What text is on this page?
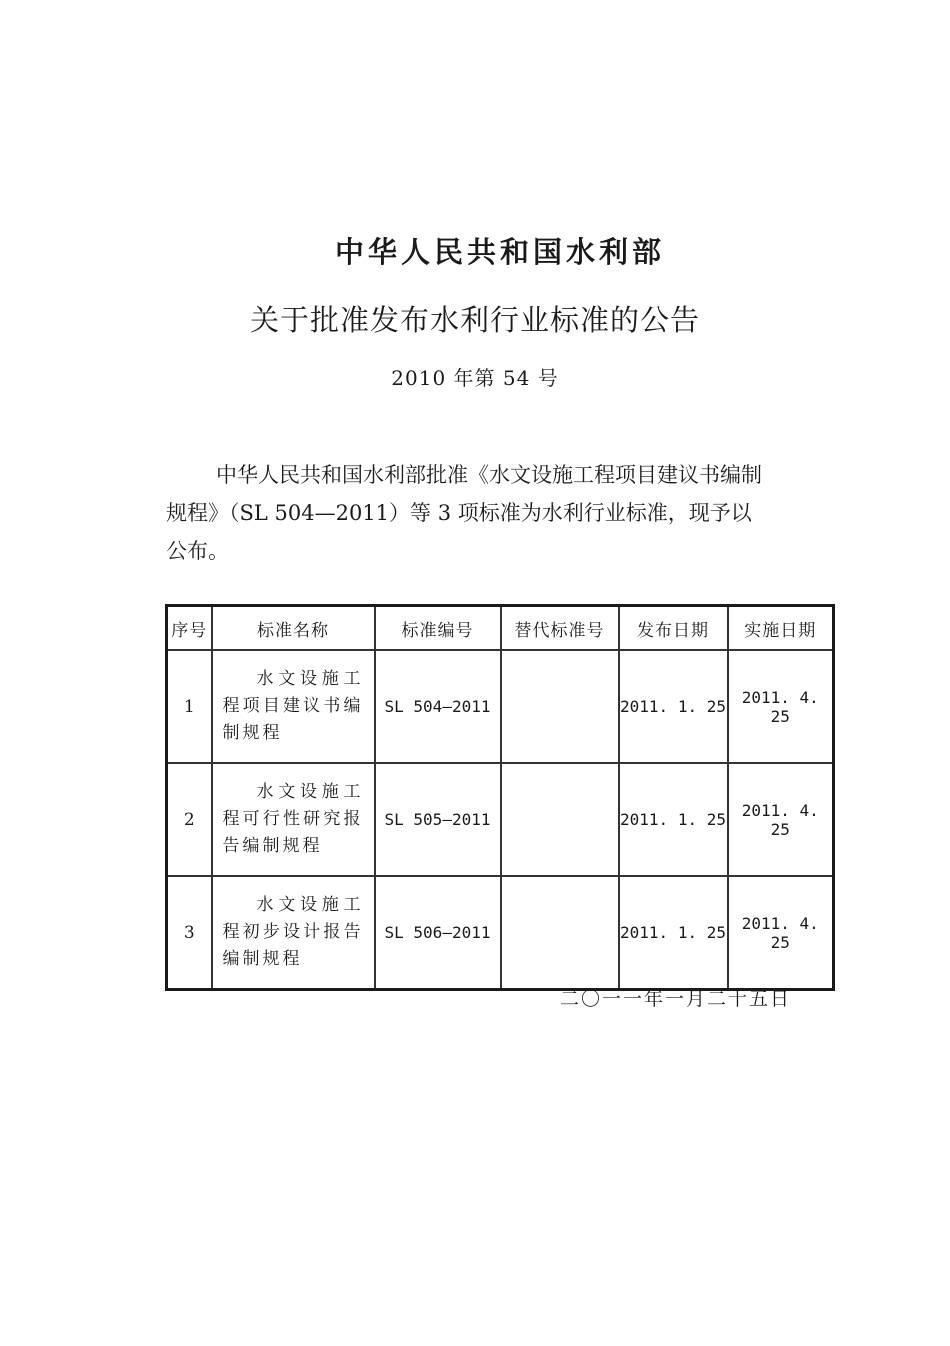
中华人民共和国水利部
关于批准发布水利行业标准的公告
2010 年第 54 号
中华人民共和国水利部批准《水文设施工程项目建议书编制
规程》（SL 504—2011）等 3 项标准为水利行业标准，现予以
公布。
序号	标准名称	标准编号	替代标准号	发布日期	实施日期
1	水文设施工程项目建议书编制规程	SL 504—2011		2011. 1. 25	2011. 4. 25
2	水文设施工程可行性研究报告编制规程	SL 505—2011		2011. 1. 25	2011. 4. 25
3	水文设施工程初步设计报告编制规程	SL 506—2011		2011. 1. 25	2011. 4. 25
二〇一一年一月二十五日
